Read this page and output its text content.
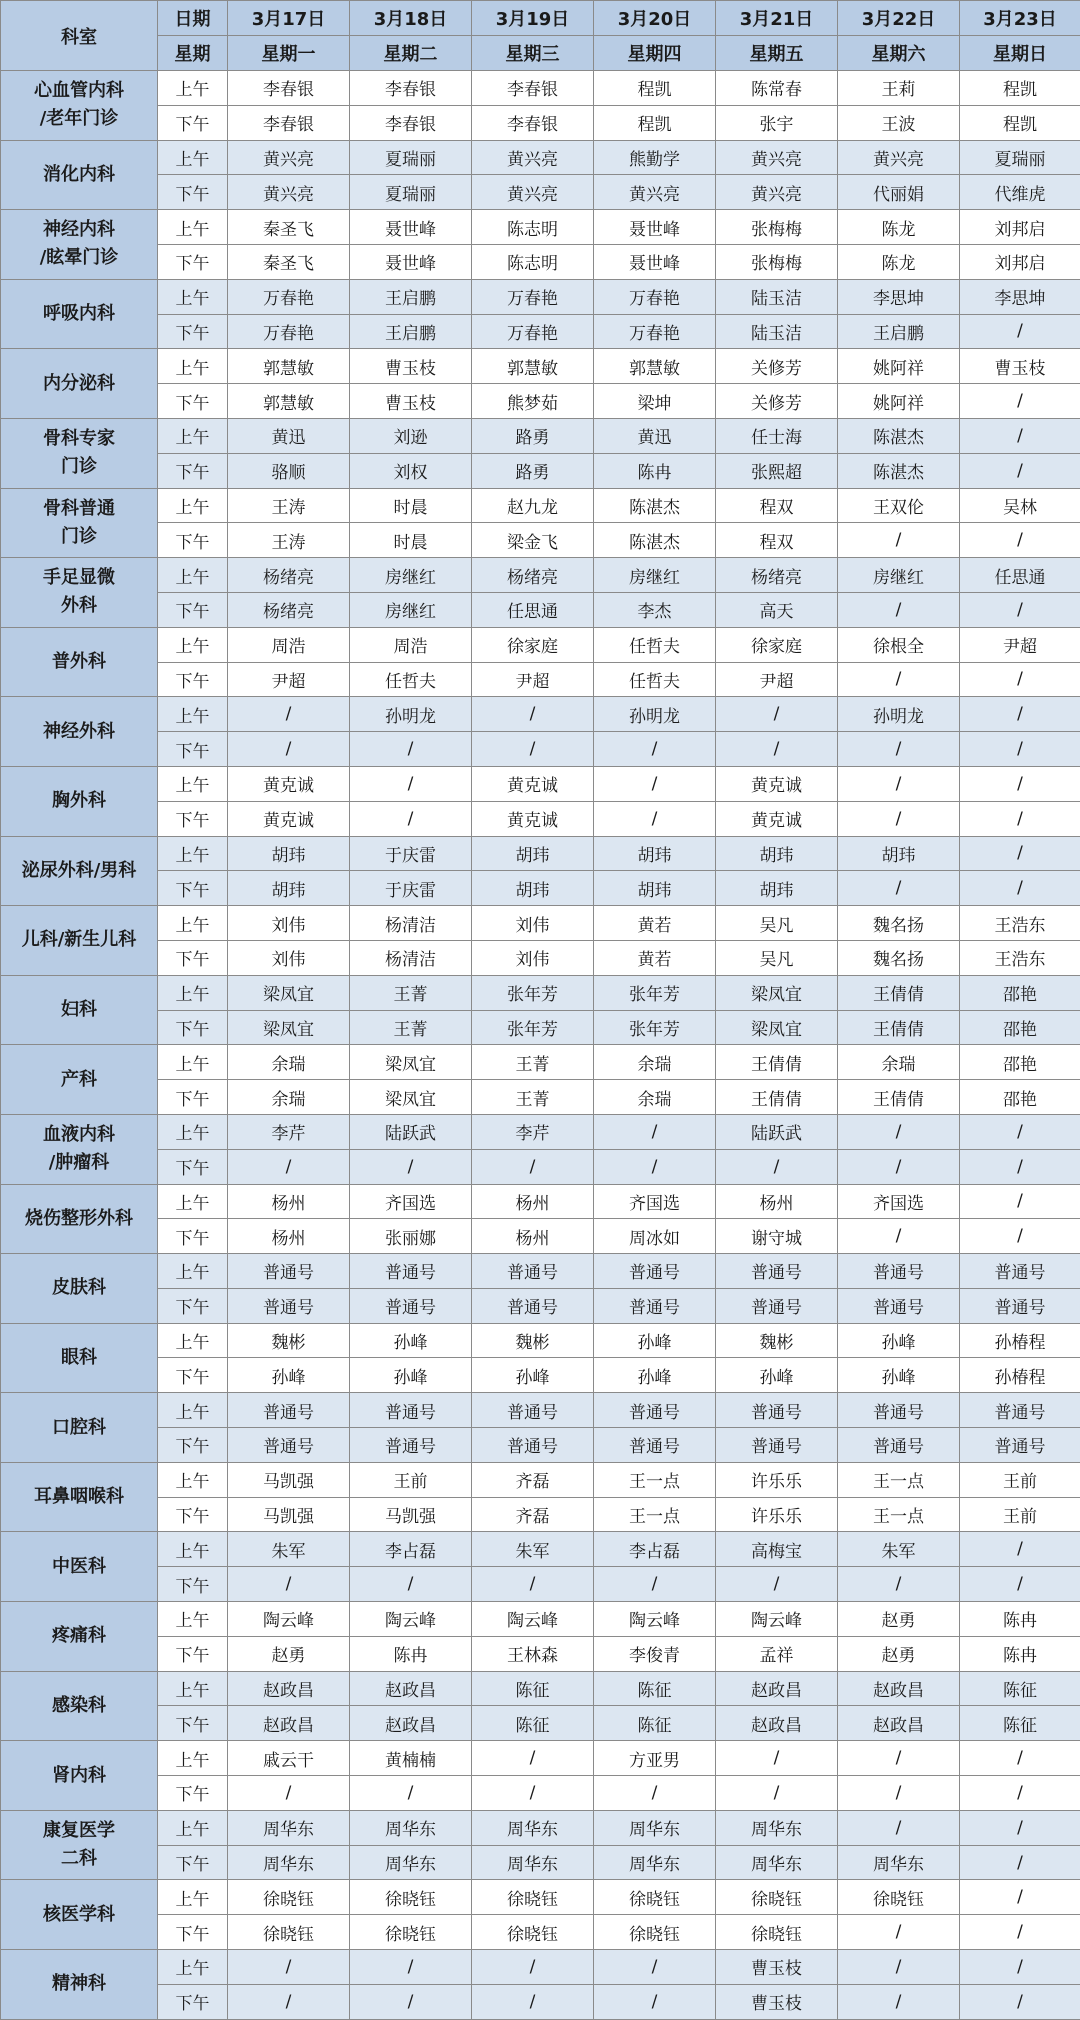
科室	日期	3月17日	3月18日	3月19日	3月20日	3月21日	3月22日	3月23日
	星期	星期一	星期二	星期三	星期四	星期五	星期六	星期日

心血管内科
/老年门诊	上午	李春银	李春银	李春银	程凯	陈常春	王莉	程凯
	下午	李春银	李春银	李春银	程凯	张宇	王波	程凯

消化内科	上午	黄兴亮	夏瑞丽	黄兴亮	熊勤学	黄兴亮	黄兴亮	夏瑞丽
	下午	黄兴亮	夏瑞丽	黄兴亮	黄兴亮	黄兴亮	代丽娟	代维虎

神经内科
/眩晕门诊	上午	秦圣飞	聂世峰	陈志明	聂世峰	张梅梅	陈龙	刘邦启
	下午	秦圣飞	聂世峰	陈志明	聂世峰	张梅梅	陈龙	刘邦启

呼吸内科	上午	万春艳	王启鹏	万春艳	万春艳	陆玉洁	李思坤	李思坤
	下午	万春艳	王启鹏	万春艳	万春艳	陆玉洁	王启鹏	/

内分泌科	上午	郭慧敏	曹玉枝	郭慧敏	郭慧敏	关修芳	姚阿祥	曹玉枝
	下午	郭慧敏	曹玉枝	熊梦茹	梁坤	关修芳	姚阿祥	/

骨科专家
门诊	上午	黄迅	刘逊	路勇	黄迅	任士海	陈湛杰	/
	下午	骆顺	刘权	路勇	陈冉	张熙超	陈湛杰	/

骨科普通
门诊	上午	王涛	时晨	赵九龙	陈湛杰	程双	王双伦	吴林
	下午	王涛	时晨	梁金飞	陈湛杰	程双	/	/

手足显微
外科	上午	杨绪亮	房继红	杨绪亮	房继红	杨绪亮	房继红	任思通
	下午	杨绪亮	房继红	任思通	李杰	高天	/	/

普外科	上午	周浩	周浩	徐家庭	任哲夫	徐家庭	徐根全	尹超
	下午	尹超	任哲夫	尹超	任哲夫	尹超	/	/

神经外科	上午	/	孙明龙	/	孙明龙	/	孙明龙	/
	下午	/	/	/	/	/	/	/

胸外科	上午	黄克诚	/	黄克诚	/	黄克诚	/	/
	下午	黄克诚	/	黄克诚	/	黄克诚	/	/

泌尿外科/男科	上午	胡玮	于庆雷	胡玮	胡玮	胡玮	胡玮	/
	下午	胡玮	于庆雷	胡玮	胡玮	胡玮	/	/

儿科/新生儿科	上午	刘伟	杨清洁	刘伟	黄若	吴凡	魏名扬	王浩东
	下午	刘伟	杨清洁	刘伟	黄若	吴凡	魏名扬	王浩东

妇科	上午	梁凤宜	王菁	张年芳	张年芳	梁凤宜	王倩倩	邵艳
	下午	梁凤宜	王菁	张年芳	张年芳	梁凤宜	王倩倩	邵艳

产科	上午	余瑞	梁凤宜	王菁	余瑞	王倩倩	余瑞	邵艳
	下午	余瑞	梁凤宜	王菁	余瑞	王倩倩	王倩倩	邵艳

血液内科
/肿瘤科	上午	李芹	陆跃武	李芹	/	陆跃武	/	/
	下午	/	/	/	/	/	/	/

烧伤整形外科	上午	杨州	齐国选	杨州	齐国选	杨州	齐国选	/
	下午	杨州	张丽娜	杨州	周冰如	谢守城	/	/

皮肤科	上午	普通号	普通号	普通号	普通号	普通号	普通号	普通号
	下午	普通号	普通号	普通号	普通号	普通号	普通号	普通号

眼科	上午	魏彬	孙峰	魏彬	孙峰	魏彬	孙峰	孙椿程
	下午	孙峰	孙峰	孙峰	孙峰	孙峰	孙峰	孙椿程

口腔科	上午	普通号	普通号	普通号	普通号	普通号	普通号	普通号
	下午	普通号	普通号	普通号	普通号	普通号	普通号	普通号

耳鼻咽喉科	上午	马凯强	王前	齐磊	王一点	许乐乐	王一点	王前
	下午	马凯强	马凯强	齐磊	王一点	许乐乐	王一点	王前

中医科	上午	朱军	李占磊	朱军	李占磊	高梅宝	朱军	/
	下午	/	/	/	/	/	/	/

疼痛科	上午	陶云峰	陶云峰	陶云峰	陶云峰	陶云峰	赵勇	陈冉
	下午	赵勇	陈冉	王林森	李俊青	孟祥	赵勇	陈冉

感染科	上午	赵政昌	赵政昌	陈征	陈征	赵政昌	赵政昌	陈征
	下午	赵政昌	赵政昌	陈征	陈征	赵政昌	赵政昌	陈征

肾内科	上午	戚云干	黄楠楠	/	方亚男	/	/	/
	下午	/	/	/	/	/	/	/

康复医学
二科	上午	周华东	周华东	周华东	周华东	周华东	/	/
	下午	周华东	周华东	周华东	周华东	周华东	周华东	/

核医学科	上午	徐晓钰	徐晓钰	徐晓钰	徐晓钰	徐晓钰	徐晓钰	/
	下午	徐晓钰	徐晓钰	徐晓钰	徐晓钰	徐晓钰	/	/

精神科	上午	/	/	/	/	曹玉枝	/	/
	下午	/	/	/	/	曹玉枝	/	/
